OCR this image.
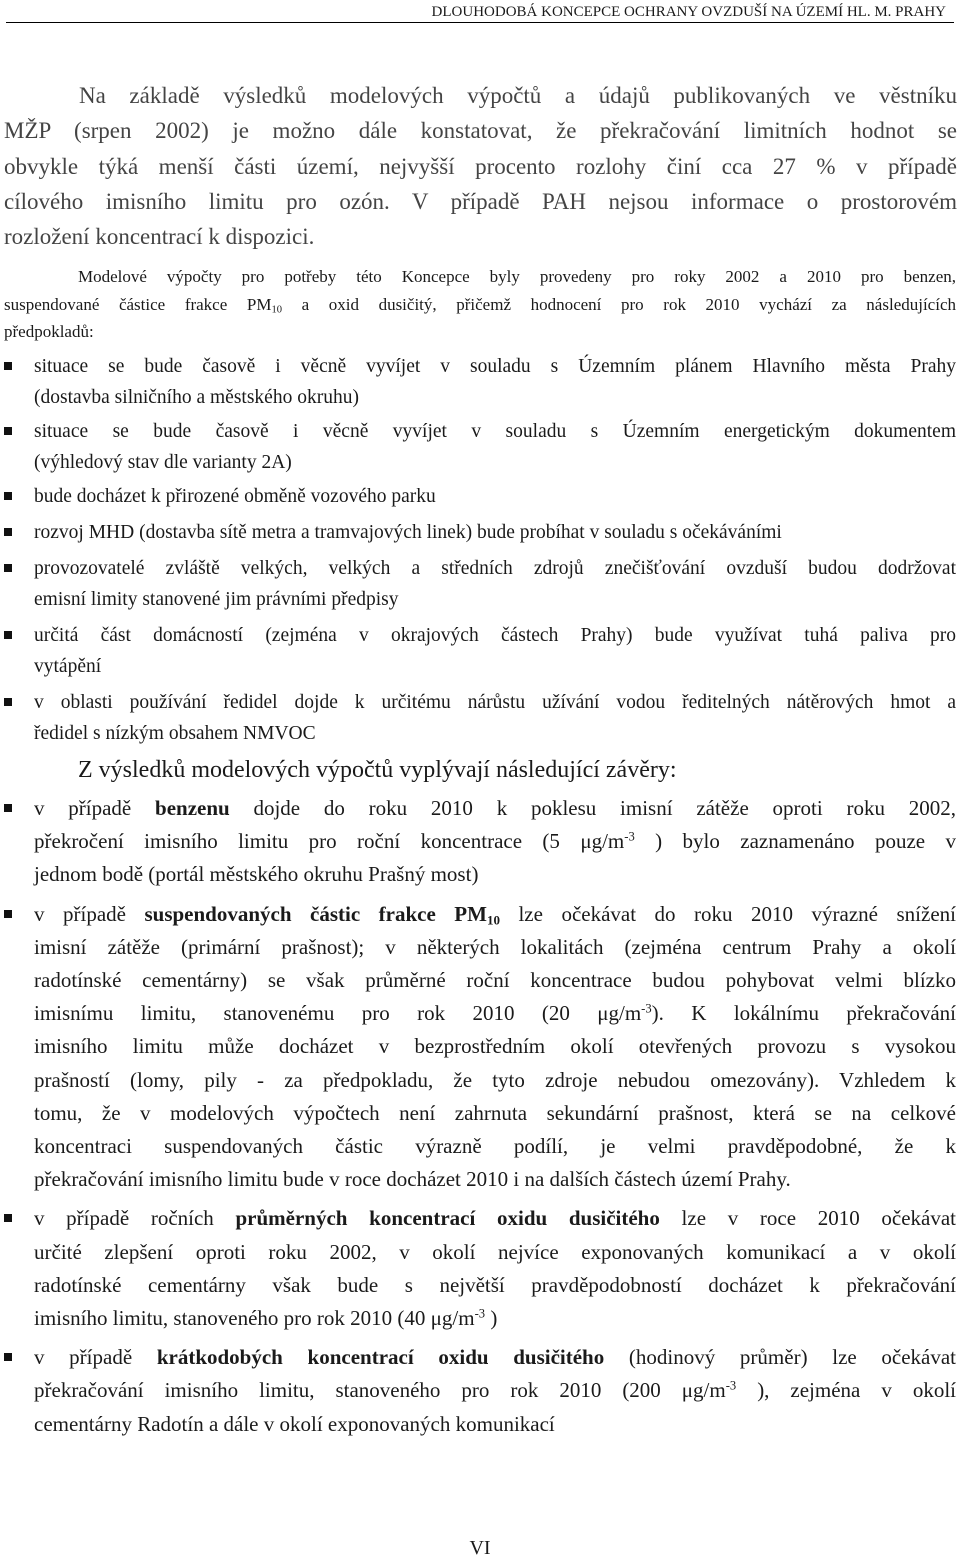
DLOUHODOBÁ KONCEPCE OCHRANY OVZDUŠÍ NA ÚZEMÍ HL. M. PRAHY

Na základě výsledků modelových výpočtů a údajů publikovaných ve věstníku
MŽP (srpen 2002) je možno dále konstatovat, že překračování limitních hodnot se
obvykle týká menší části území, nejvyšší procento rozlohy činí cca 27 % v případě
cílového imisního limitu pro ozón. V případě PAH nejsou informace o prostorovém
rozložení koncentrací k dispozici.

Modelové výpočty pro potřeby této Koncepce byly provedeny pro roky 2002 a 2010 pro benzen,
suspendované částice frakce $PM_{10}$ a oxid dusičitý, přičemž hodnocení pro rok 2010 vychází za následujících
předpokladů:
situace se bude časově i věcně vyvíjet v souladu s Územním plánem Hlavního města Prahy
(dostavba silničního a městského okruhu)
situace se bude časově i věcně vyvíjet v souladu s Územním energetickým dokumentem
(výhledový stav dle varianty 2A)
bude docházet k přirozené obměně vozového parku
rozvoj MHD (dostavba sítě metra a tramvajových linek) bude probíhat v souladu s očekáváními
provozovatelé zvláště velkých, velkých a středních zdrojů znečišťování ovzduší budou dodržovat
emisní limity stanovené jim právními předpisy
určitá část domácností (zejména v okrajových částech Prahy) bude využívat tuhá paliva pro
vytápění
v oblasti používání ředidel dojde k určitému nárůstu užívání vodou ředitelných nátěrových hmot a
ředidel s nízkým obsahem NMVOC
Z výsledků modelových výpočtů vyplývají následující závěry:
v případě benzenu dojde do roku 2010 k poklesu imisní zátěže oproti roku 2002,
překročení imisního limitu pro roční koncentrace (5 $\mu g/m^{-3}$ ) bylo zaznamenáno pouze v
jednom bodě (portál městského okruhu Prašný most)
v případě suspendovaných částic frakce $PM_{10}$ lze očekávat do roku 2010 výrazné snížení
imisní zátěže (primární prašnost); v některých lokalitách (zejména centrum Prahy a okolí
radotínské cementárny) se však průměrné roční koncentrace budou pohybovat velmi blízko
imisnímu limitu, stanovenému pro rok 2010 (20 $\mu g/m^{-3}$). K lokálnímu překračování
imisního limitu může docházet v bezprostředním okolí otevřených provozu s vysokou
prašností (lomy, pily - za předpokladu, že tyto zdroje nebudou omezovány). Vzhledem k
tomu, že v modelových výpočtech není zahrnuta sekundární prašnost, která se na celkové
koncentraci suspendovaných částic výrazně podílí, je velmi pravděpodobné, že k
překračování imisního limitu bude v roce docházet 2010 i na dalších částech území Prahy.
v případě ročních průměrných koncentrací oxidu dusičitého lze v roce 2010 očekávat
určité zlepšení oproti roku 2002, v okolí nejvíce exponovaných komunikací a v okolí
radotínské cementárny však bude s největší pravděpodobností docházet k překračování
imisního limitu, stanoveného pro rok 2010 (40 $\mu g/m^{-3}$ )
v případě krátkodobých koncentrací oxidu dusičitého (hodinový průměr) lze očekávat
překračování imisního limitu, stanoveného pro rok 2010 (200 $\mu g/m^{-3}$ ), zejména v okolí
cementárny Radotín a dále v okolí exponovaných komunikací
VI
